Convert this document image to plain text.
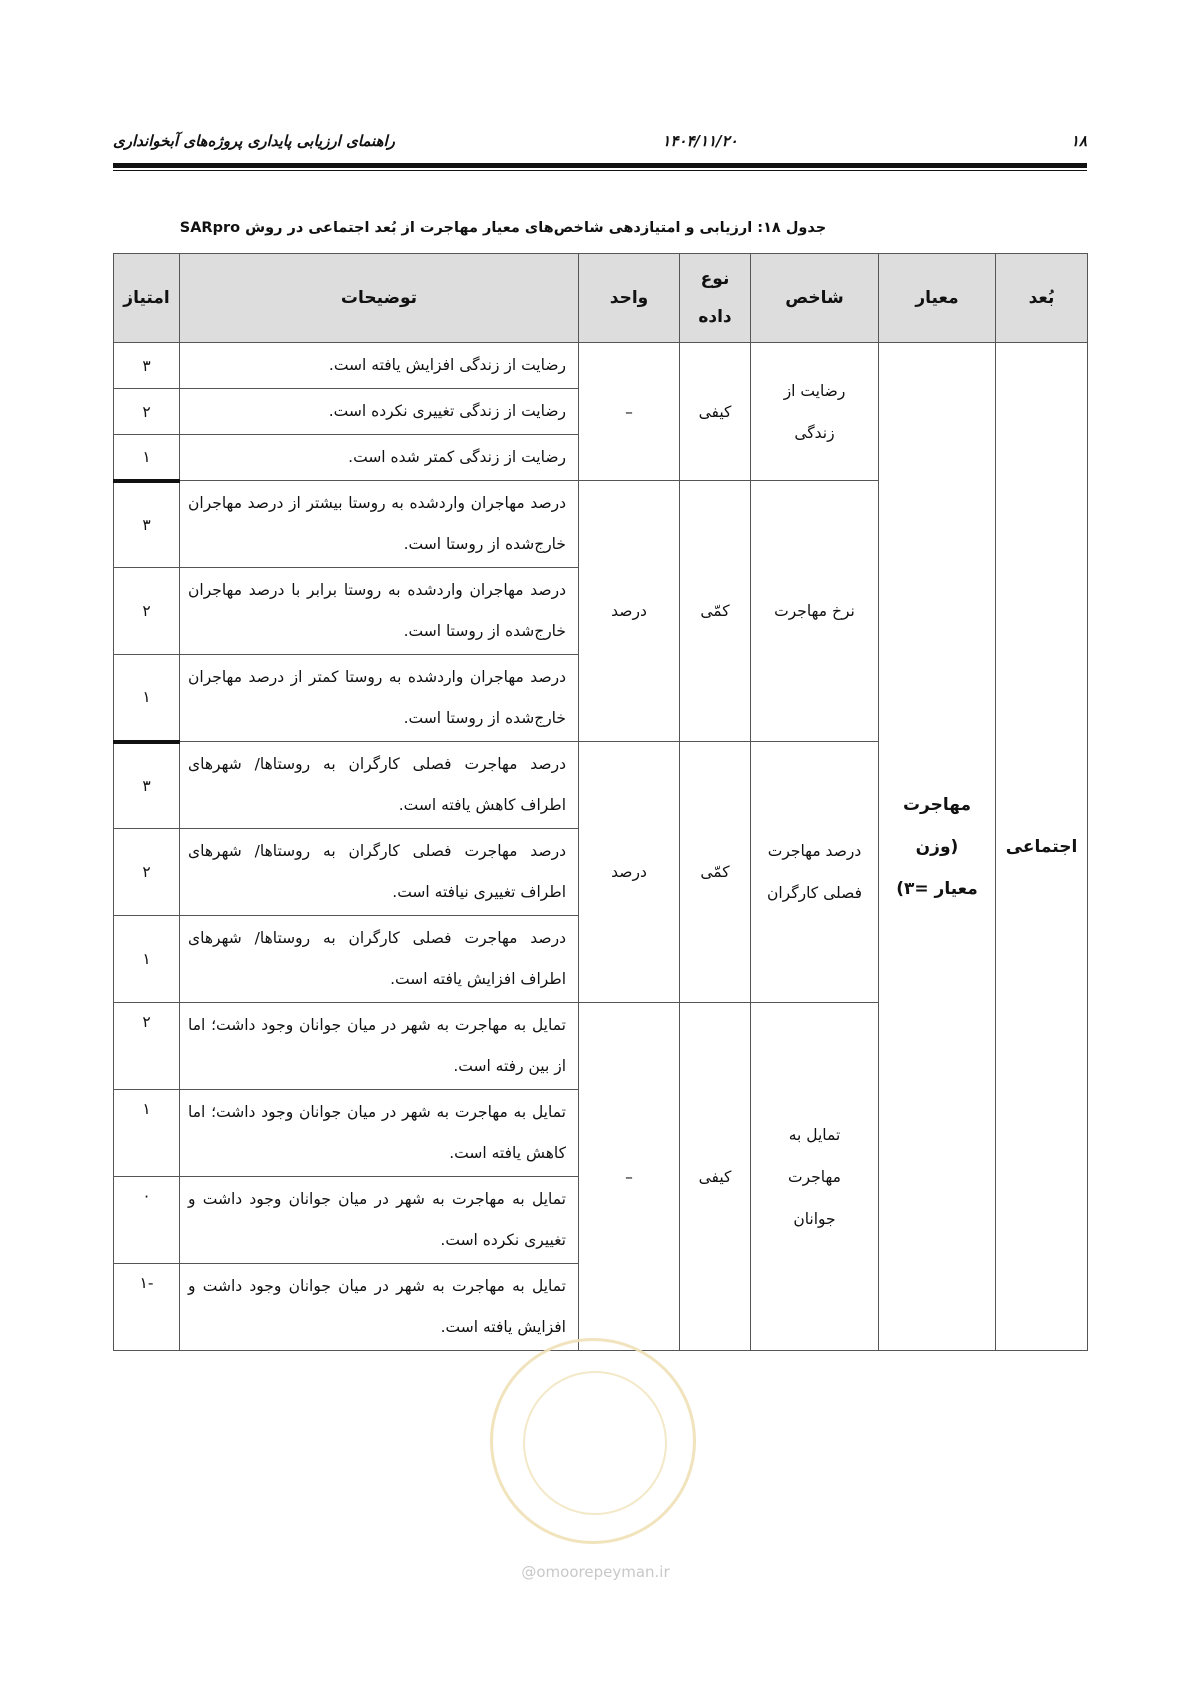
۱۸
۱۴۰۴/۱۱/۲۰
راهنمای ارزیابی پایداری پروژه‌های آبخوانداری
جدول ۱۸: ارزیابی و امتیازدهی شاخص‌های معیار مهاجرت از بُعد اجتماعی در روش SARpro
بُعد	معیار	شاخص	نوع داده	واحد	توضیحات	امتیاز
اجتماعی	مهاجرت (وزن معیار =۳)	رضایت از زندگی	کیفی	–	رضایت از زندگی افزایش یافته است.	۳
					رضایت از زندگی تغییری نکرده است.	۲
					رضایت از زندگی کمتر شده است.	۱
		نرخ مهاجرت	کمّی	درصد	درصد مهاجران واردشده به روستا بیشتر از درصد مهاجران خارج‌شده از روستا است.	۳
					درصد مهاجران واردشده به روستا برابر با درصد مهاجران خارج‌شده از روستا است.	۲
					درصد مهاجران واردشده به روستا کمتر از درصد مهاجران خارج‌شده از روستا است.	۱
		درصد مهاجرت فصلی کارگران	کمّی	درصد	درصد مهاجرت فصلی کارگران به روستاها/ شهرهای اطراف کاهش یافته است.	۳
					درصد مهاجرت فصلی کارگران به روستاها/ شهرهای اطراف تغییری نیافته است.	۲
					درصد مهاجرت فصلی کارگران به روستاها/ شهرهای اطراف افزایش یافته است.	۱
		تمایل به مهاجرت جوانان	کیفی	–	تمایل به مهاجرت به شهر در میان جوانان وجود داشت؛ اما از بین رفته است.	۲
					تمایل به مهاجرت به شهر در میان جوانان وجود داشت؛ اما کاهش یافته است.	۱
					تمایل به مهاجرت به شهر در میان جوانان وجود داشت و تغییری نکرده است.	۰
					تمایل به مهاجرت به شهر در میان جوانان وجود داشت و افزایش یافته است.	-۱
@omoorepeyman.ir
